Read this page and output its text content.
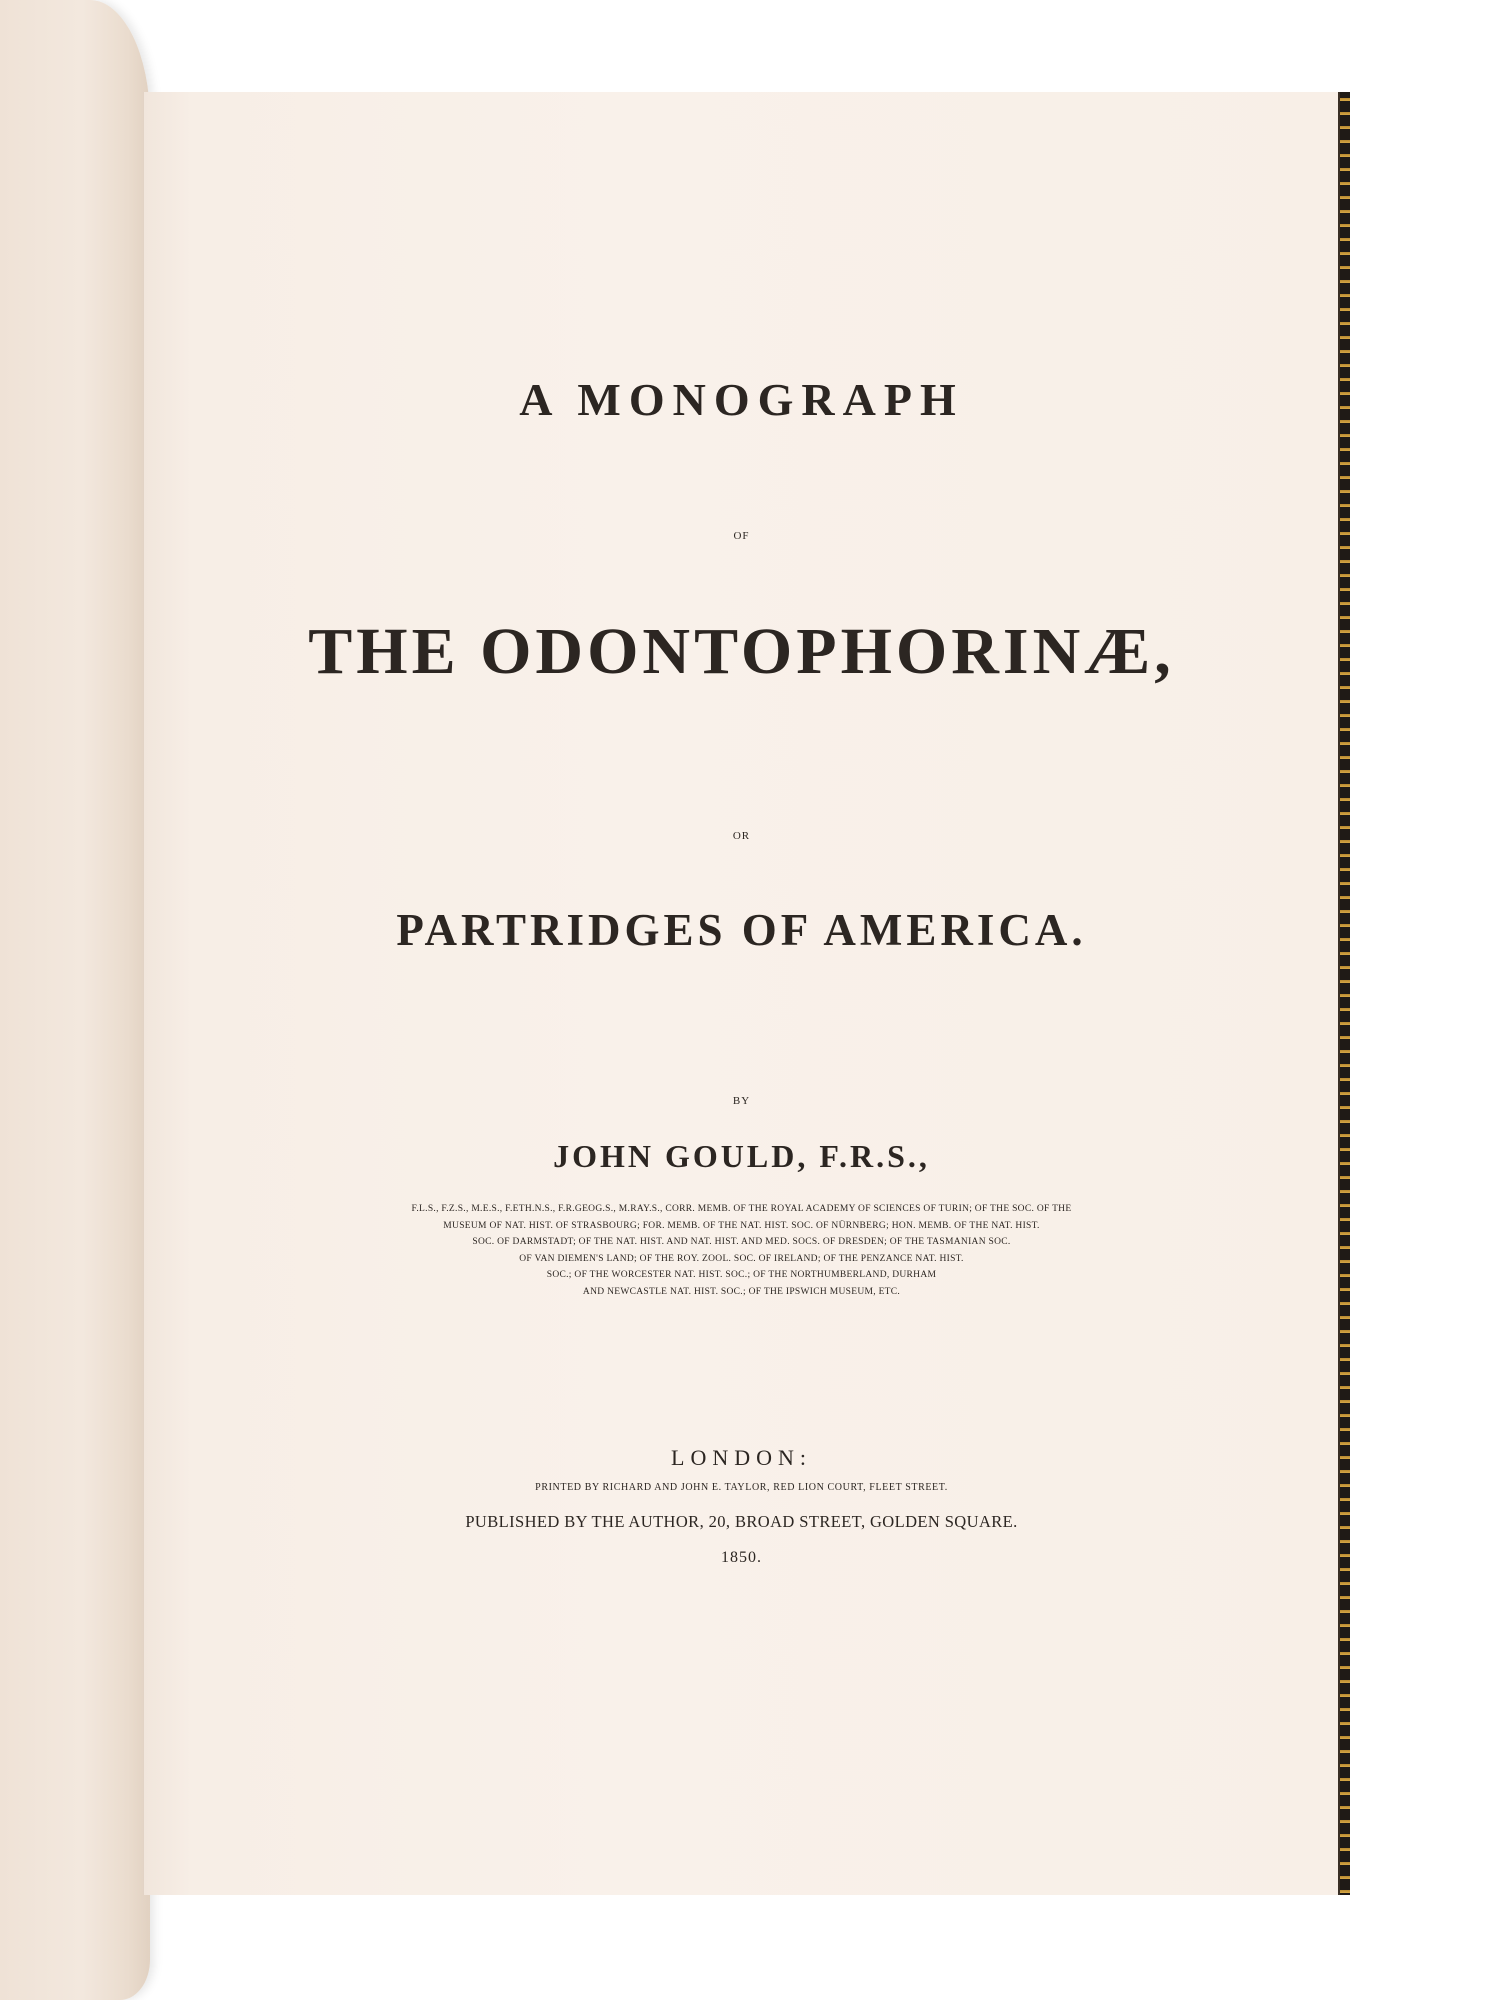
A MONOGRAPH
OF
THE ODONTOPHORINÆ,
OR
PARTRIDGES OF AMERICA.
BY
JOHN GOULD, F.R.S.,
F.L.S., F.Z.S., M.E.S., F.ETH.N.S., F.R.GEOG.S., M.RAY.S., CORR. MEMB. OF THE ROYAL ACADEMY OF SCIENCES OF TURIN; OF THE SOC. OF THE
MUSEUM OF NAT. HIST. OF STRASBOURG; FOR. MEMB. OF THE NAT. HIST. SOC. OF NÜRNBERG; HON. MEMB. OF THE NAT. HIST.
SOC. OF DARMSTADT; OF THE NAT. HIST. AND NAT. HIST. AND MED. SOCS. OF DRESDEN; OF THE TASMANIAN SOC.
OF VAN DIEMEN'S LAND; OF THE ROY. ZOOL. SOC. OF IRELAND; OF THE PENZANCE NAT. HIST.
SOC.; OF THE WORCESTER NAT. HIST. SOC.; OF THE NORTHUMBERLAND, DURHAM
AND NEWCASTLE NAT. HIST. SOC.; OF THE IPSWICH MUSEUM, ETC.
LONDON:
PRINTED BY RICHARD AND JOHN E. TAYLOR, RED LION COURT, FLEET STREET.
PUBLISHED BY THE AUTHOR, 20, BROAD STREET, GOLDEN SQUARE.
1850.
